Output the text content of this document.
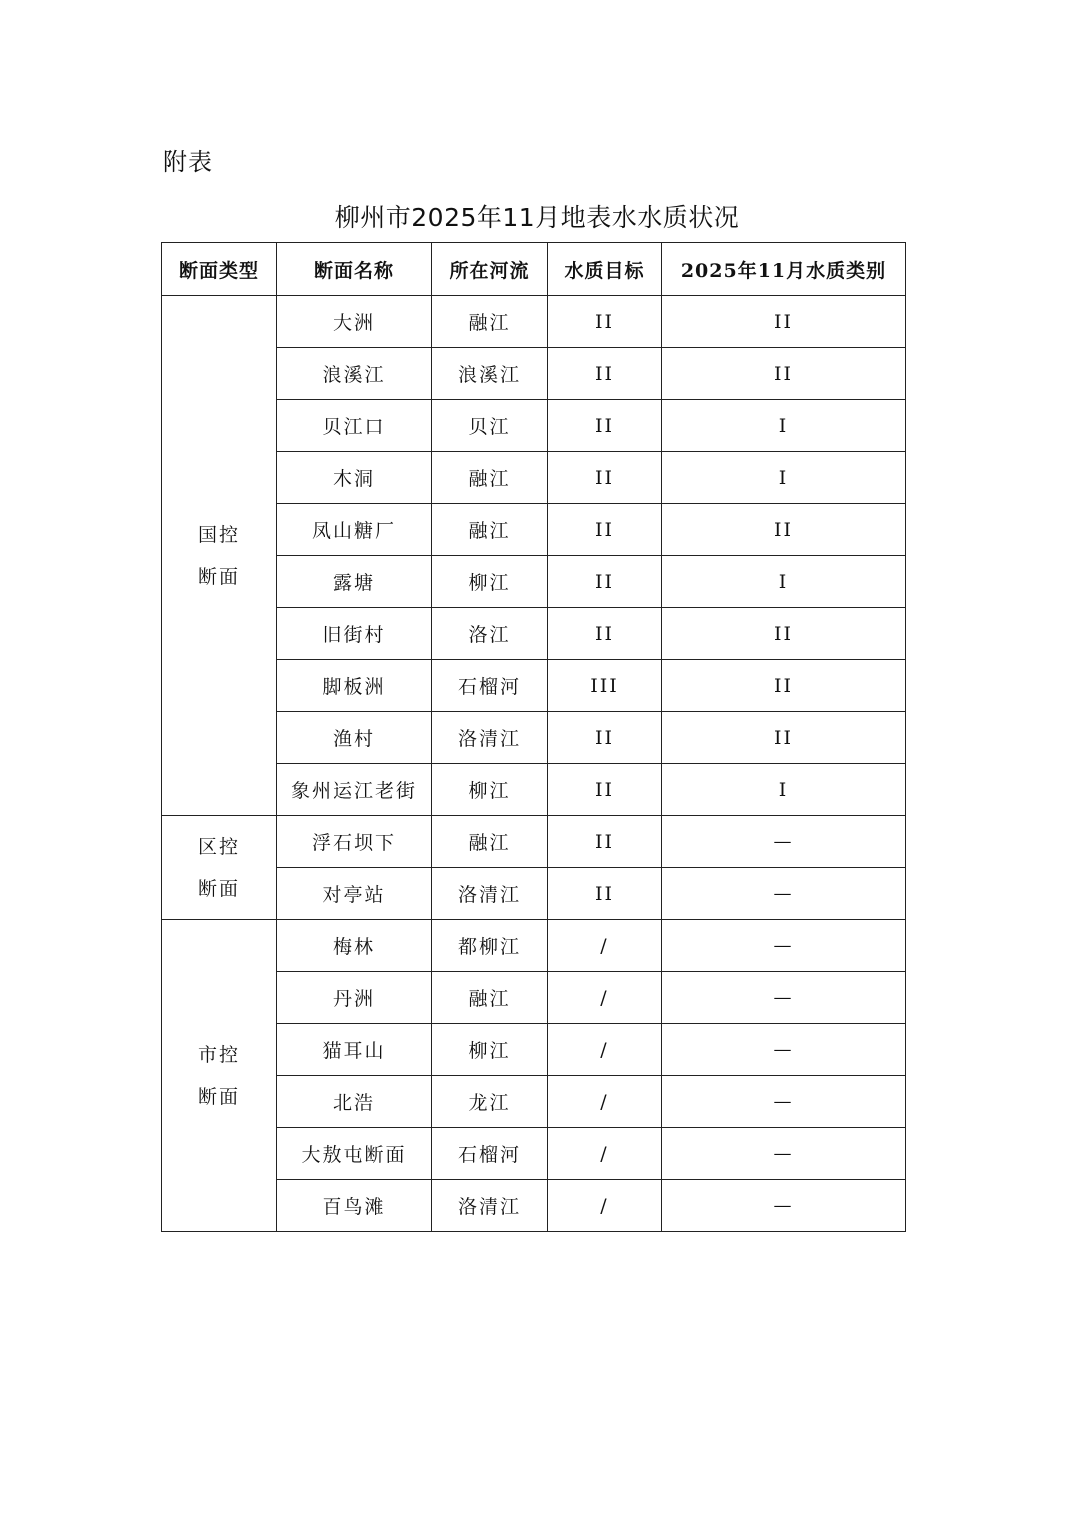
附表
柳州市2025年11月地表水水质状况
断面类型	断面名称	所在河流	水质目标	2025年11月水质类别

国控
断面	大洲	融江	II	II
	浪溪江	浪溪江	II	II
	贝江口	贝江	II	I
	木洞	融江	II	I
	凤山糖厂	融江	II	II
	露塘	柳江	II	I
	旧街村	洛江	II	II
	脚板洲	石榴河	III	II
	渔村	洛清江	II	II
	象州运江老街	柳江	II	I

区控
断面	浮石坝下	融江	II	—
	对亭站	洛清江	II	—

市控
断面	梅林	都柳江	/	—
	丹洲	融江	/	—
	猫耳山	柳江	/	—
	北浩	龙江	/	—
	大敖屯断面	石榴河	/	—
	百鸟滩	洛清江	/	—
